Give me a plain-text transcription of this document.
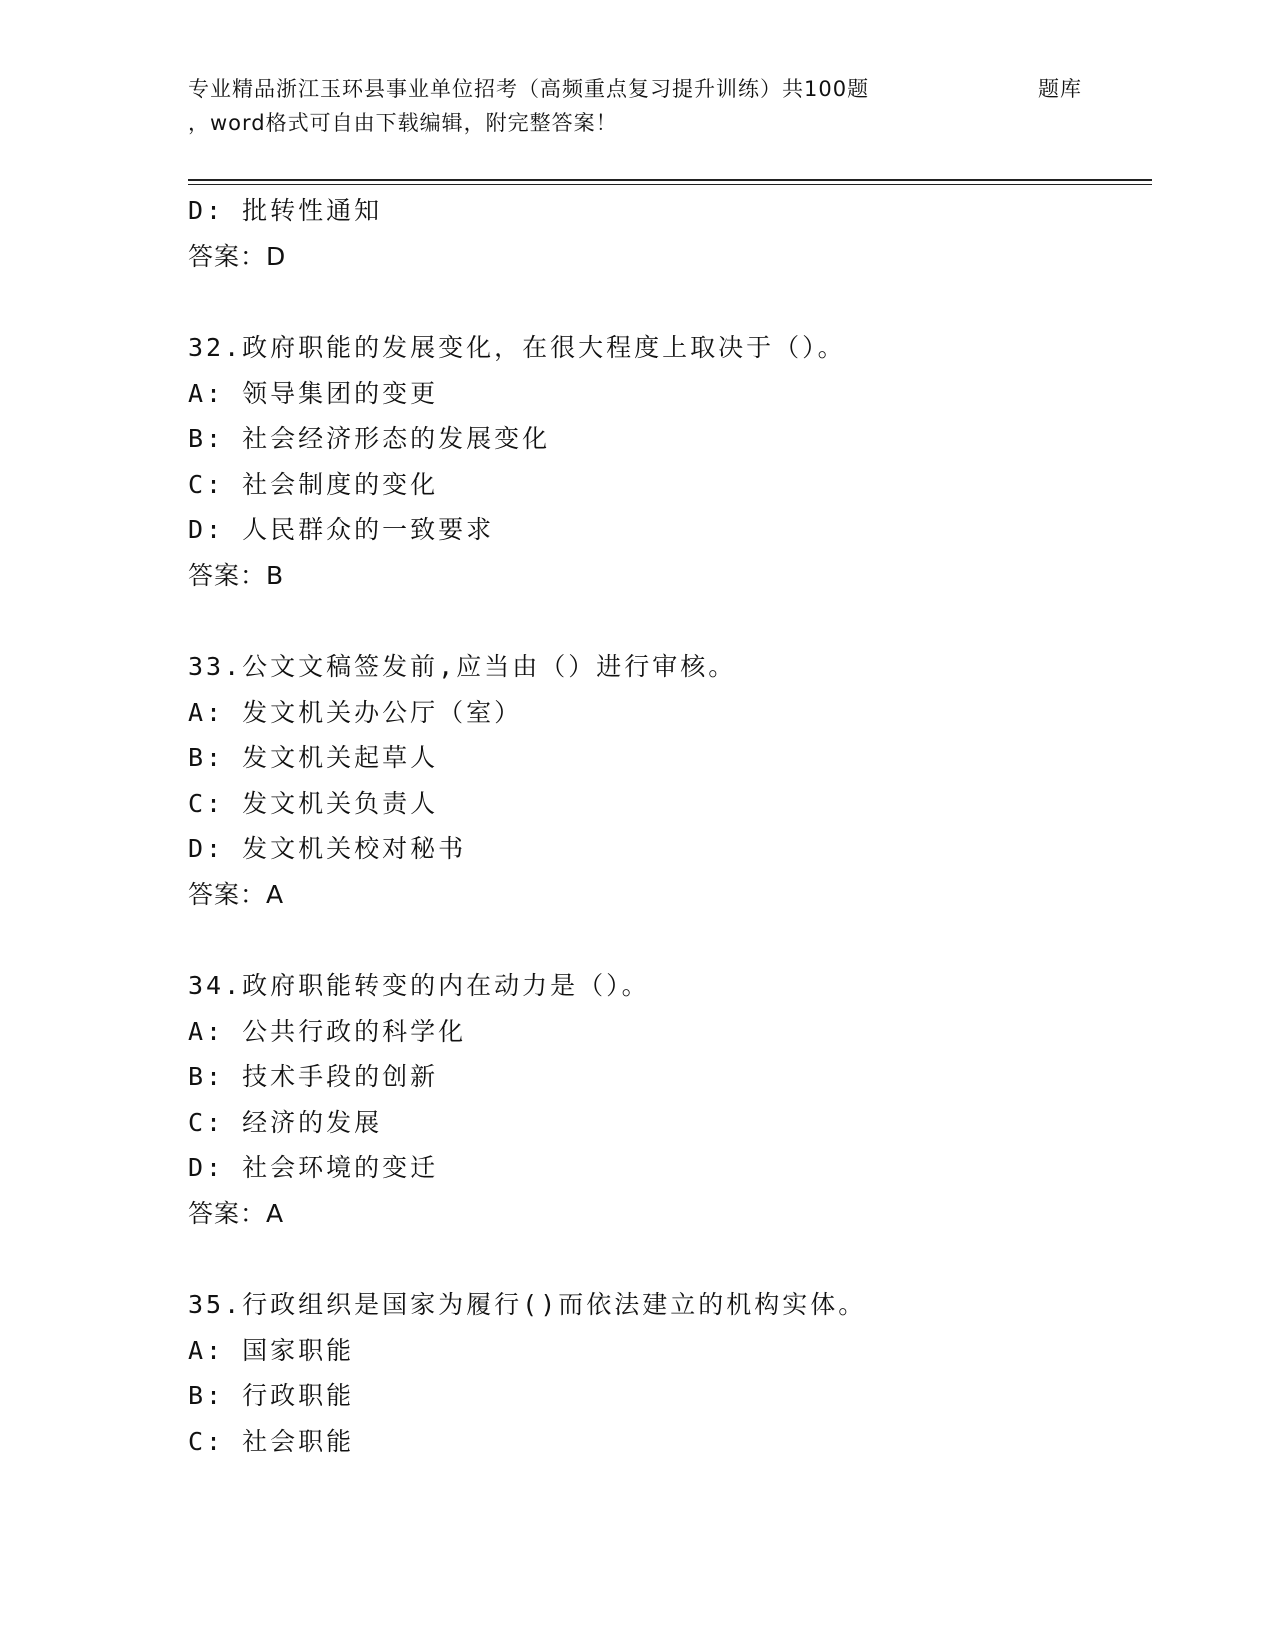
专业精品浙江玉环县事业单位招考（高频重点复习提升训练）共100题	题库
，word格式可自由下载编辑，附完整答案！
D: 批转性通知
答案：D
32.政府职能的发展变化，在很大程度上取决于（）。
A: 领导集团的变更
B: 社会经济形态的发展变化
C: 社会制度的变化
D: 人民群众的一致要求
答案：B
33.公文文稿签发前,应当由（）进行审核。
A: 发文机关办公厅（室）
B: 发文机关起草人
C: 发文机关负责人
D: 发文机关校对秘书
答案：A
34.政府职能转变的内在动力是（）。
A: 公共行政的科学化
B: 技术手段的创新
C: 经济的发展
D: 社会环境的变迁
答案：A
35.行政组织是国家为履行()而依法建立的机构实体。
A: 国家职能
B: 行政职能
C: 社会职能
